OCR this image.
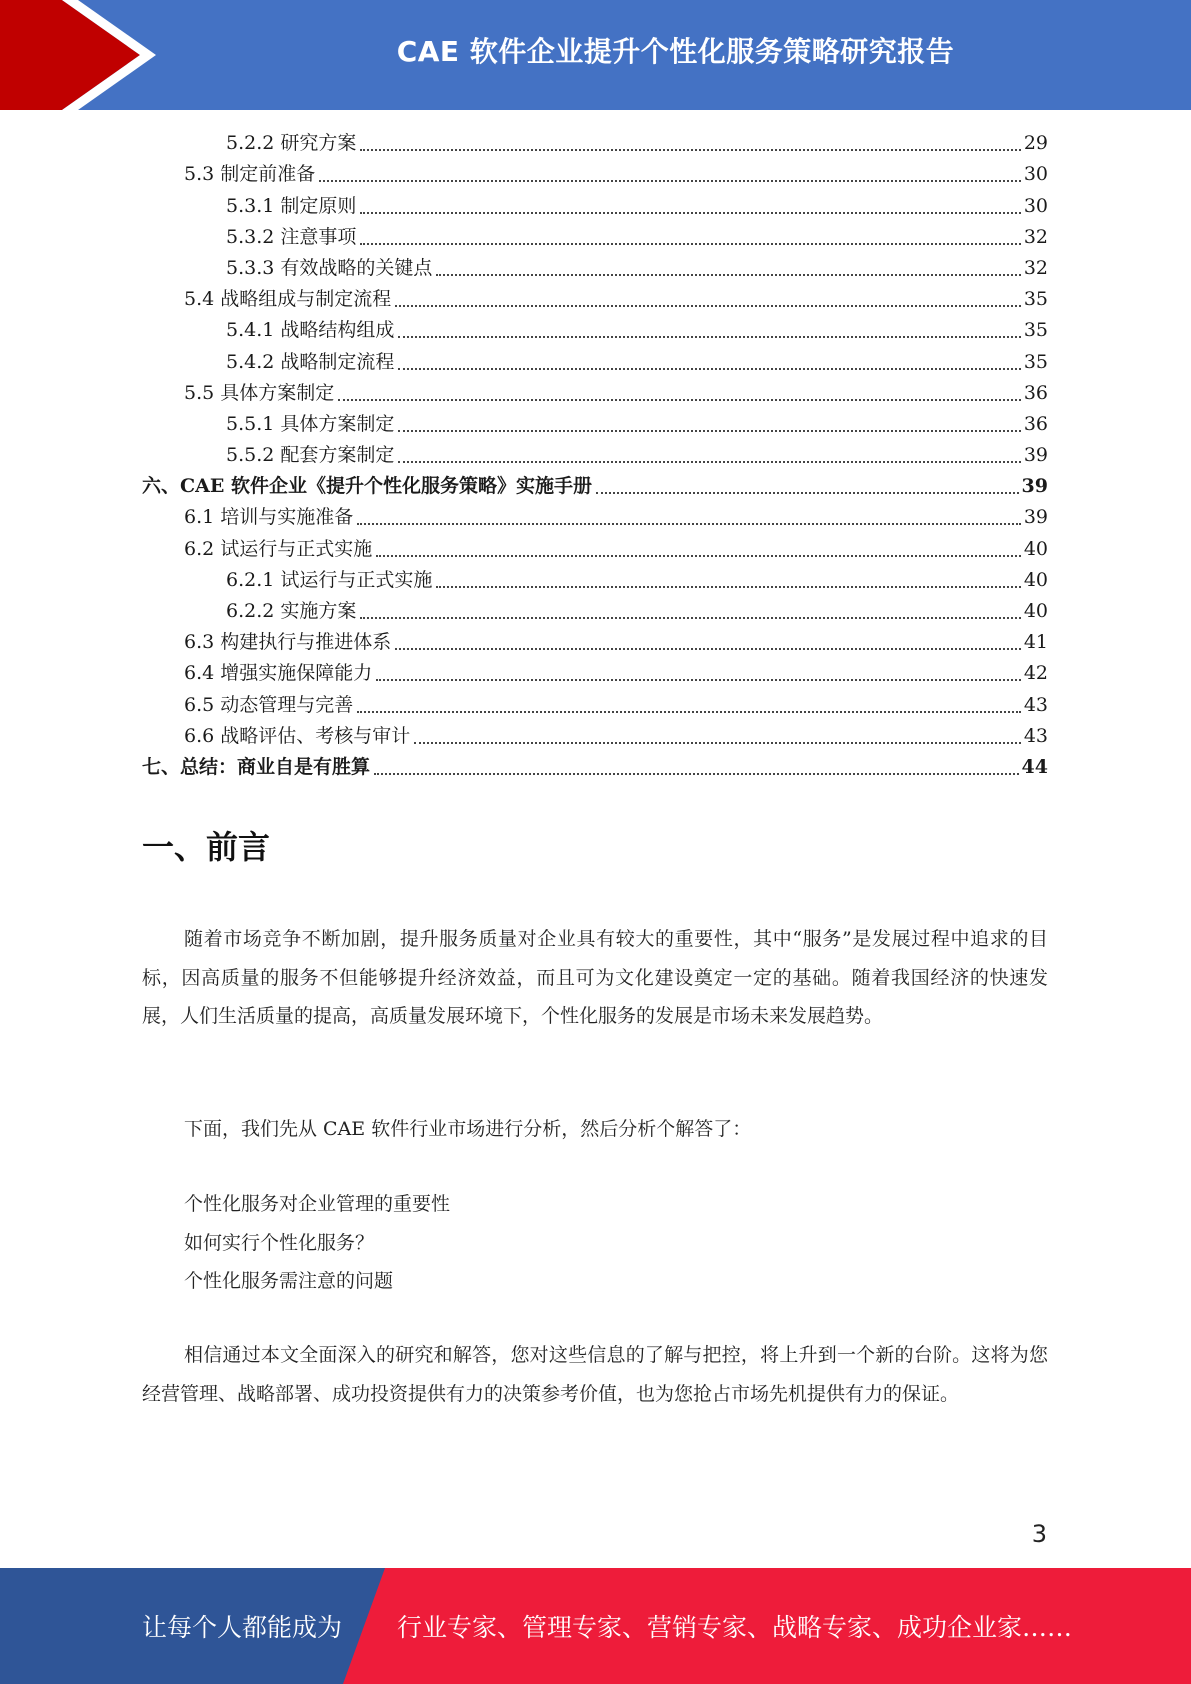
CAE 软件企业提升个性化服务策略研究报告
5.2.2 研究方案	29
5.3 制定前准备	30
5.3.1 制定原则	30
5.3.2 注意事项	32
5.3.3 有效战略的关键点	32
5.4 战略组成与制定流程	35
5.4.1 战略结构组成	35
5.4.2 战略制定流程	35
5.5 具体方案制定	36
5.5.1 具体方案制定	36
5.5.2 配套方案制定	39
六、CAE 软件企业《提升个性化服务策略》实施手册	39
6.1 培训与实施准备	39
6.2 试运行与正式实施	40
6.2.1 试运行与正式实施	40
6.2.2 实施方案	40
6.3 构建执行与推进体系	41
6.4 增强实施保障能力	42
6.5 动态管理与完善	43
6.6 战略评估、考核与审计	43
七、总结：商业自是有胜算	44
一、前言
随着市场竞争不断加剧，提升服务质量对企业具有较大的重要性，其中“服务”是发展过程中追求的目标，因高质量的服务不但能够提升经济效益，而且可为文化建设奠定一定的基础。随着我国经济的快速发展，人们生活质量的提高，高质量发展环境下，个性化服务的发展是市场未来发展趋势。
下面，我们先从 CAE 软件行业市场进行分析，然后分析个解答了：
个性化服务对企业管理的重要性
如何实行个性化服务？
个性化服务需注意的问题
相信通过本文全面深入的研究和解答，您对这些信息的了解与把控，将上升到一个新的台阶。这将为您经营管理、战略部署、成功投资提供有力的决策参考价值，也为您抢占市场先机提供有力的保证。
3
让每个人都能成为 行业专家、管理专家、营销专家、战略专家、成功企业家……
